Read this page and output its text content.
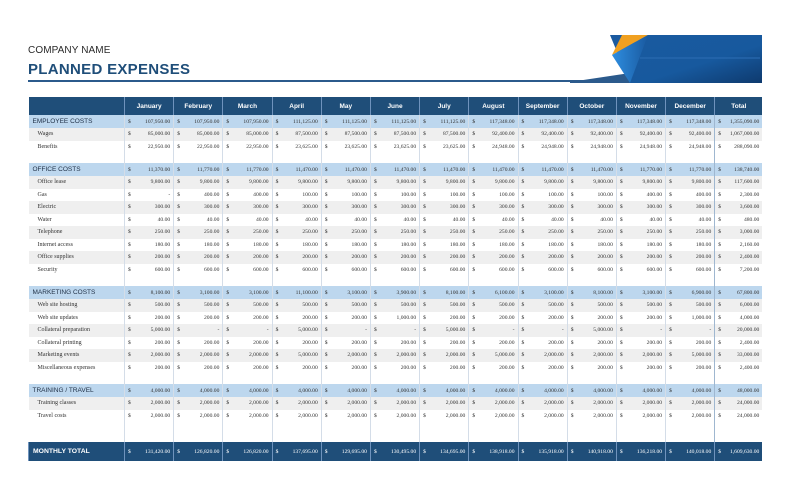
COMPANY NAME
PLANNED EXPENSES
	January	February	March	April	May	June	July	August	September	October	November	December	Total
EMPLOYEE COSTS	$ 107,950.00	$ 107,950.00	$ 107,950.00	$ 111,125.00	$ 111,125.00	$ 111,125.00	$ 111,125.00	$ 117,348.00	$ 117,348.00	$ 117,348.00	$ 117,348.00	$ 117,348.00	$ 1,355,090.00

Wages	$ 85,000.00	$ 85,000.00	$ 85,000.00	$ 87,500.00	$ 87,500.00	$ 87,500.00	$ 87,500.00	$ 92,400.00	$ 92,400.00	$ 92,400.00	$ 92,400.00	$ 92,400.00	$ 1,067,000.00

Benefits	$ 22,950.00	$ 22,950.00	$ 22,950.00	$ 23,625.00	$ 23,625.00	$ 23,625.00	$ 23,625.00	$ 24,948.00	$ 24,948.00	$ 24,948.00	$ 24,948.00	$ 24,948.00	$ 288,090.00

OFFICE COSTS	$ 11,370.00	$ 11,770.00	$ 11,770.00	$ 11,470.00	$ 11,470.00	$ 11,470.00	$ 11,470.00	$ 11,470.00	$ 11,470.00	$ 11,470.00	$ 11,770.00	$ 11,770.00	$ 138,740.00

Office lease	$ 9,800.00	$ 9,800.00	$ 9,800.00	$ 9,800.00	$ 9,800.00	$ 9,800.00	$ 9,800.00	$ 9,800.00	$ 9,800.00	$ 9,800.00	$ 9,800.00	$ 9,800.00	$ 117,600.00

Gas	$ -	$ 400.00	$ 400.00	$ 100.00	$ 100.00	$ 100.00	$ 100.00	$ 100.00	$ 100.00	$ 100.00	$ 400.00	$ 400.00	$ 2,300.00

Electric	$ 300.00	$ 300.00	$ 300.00	$ 300.00	$ 300.00	$ 300.00	$ 300.00	$ 300.00	$ 300.00	$ 300.00	$ 300.00	$ 300.00	$ 3,600.00

Water	$ 40.00	$ 40.00	$ 40.00	$ 40.00	$ 40.00	$ 40.00	$ 40.00	$ 40.00	$ 40.00	$ 40.00	$ 40.00	$ 40.00	$ 480.00

Telephone	$ 250.00	$ 250.00	$ 250.00	$ 250.00	$ 250.00	$ 250.00	$ 250.00	$ 250.00	$ 250.00	$ 250.00	$ 250.00	$ 250.00	$ 3,000.00

Internet access	$ 180.00	$ 180.00	$ 180.00	$ 180.00	$ 180.00	$ 180.00	$ 180.00	$ 180.00	$ 180.00	$ 180.00	$ 180.00	$ 180.00	$ 2,160.00

Office supplies	$ 200.00	$ 200.00	$ 200.00	$ 200.00	$ 200.00	$ 200.00	$ 200.00	$ 200.00	$ 200.00	$ 200.00	$ 200.00	$ 200.00	$ 2,400.00

Security	$ 600.00	$ 600.00	$ 600.00	$ 600.00	$ 600.00	$ 600.00	$ 600.00	$ 600.00	$ 600.00	$ 600.00	$ 600.00	$ 600.00	$ 7,200.00

MARKETING COSTS	$ 8,100.00	$ 3,100.00	$ 3,100.00	$ 11,100.00	$ 3,100.00	$ 3,900.00	$ 8,100.00	$ 6,100.00	$ 3,100.00	$ 8,100.00	$ 3,100.00	$ 6,900.00	$ 67,800.00

Web site hosting	$ 500.00	$ 500.00	$ 500.00	$ 500.00	$ 500.00	$ 500.00	$ 500.00	$ 500.00	$ 500.00	$ 500.00	$ 500.00	$ 500.00	$ 6,000.00

Web site updates	$ 200.00	$ 200.00	$ 200.00	$ 200.00	$ 200.00	$ 1,000.00	$ 200.00	$ 200.00	$ 200.00	$ 200.00	$ 200.00	$ 1,000.00	$ 4,000.00

Collateral preparation	$ 5,000.00	$ -	$ -	$ 5,000.00	$ -	$ -	$ 5,000.00	$ -	$ -	$ 5,000.00	$ -	$ -	$ 20,000.00

Collateral printing	$ 200.00	$ 200.00	$ 200.00	$ 200.00	$ 200.00	$ 200.00	$ 200.00	$ 200.00	$ 200.00	$ 200.00	$ 200.00	$ 200.00	$ 2,400.00

Marketing events	$ 2,000.00	$ 2,000.00	$ 2,000.00	$ 5,000.00	$ 2,000.00	$ 2,000.00	$ 2,000.00	$ 5,000.00	$ 2,000.00	$ 2,000.00	$ 2,000.00	$ 5,000.00	$ 33,000.00

Miscellaneous expenses	$ 200.00	$ 200.00	$ 200.00	$ 200.00	$ 200.00	$ 200.00	$ 200.00	$ 200.00	$ 200.00	$ 200.00	$ 200.00	$ 200.00	$ 2,400.00

TRAINING / TRAVEL	$ 4,000.00	$ 4,000.00	$ 4,000.00	$ 4,000.00	$ 4,000.00	$ 4,000.00	$ 4,000.00	$ 4,000.00	$ 4,000.00	$ 4,000.00	$ 4,000.00	$ 4,000.00	$ 48,000.00

Training classes	$ 2,000.00	$ 2,000.00	$ 2,000.00	$ 2,000.00	$ 2,000.00	$ 2,000.00	$ 2,000.00	$ 2,000.00	$ 2,000.00	$ 2,000.00	$ 2,000.00	$ 2,000.00	$ 24,000.00

Travel costs	$ 2,000.00	$ 2,000.00	$ 2,000.00	$ 2,000.00	$ 2,000.00	$ 2,000.00	$ 2,000.00	$ 2,000.00	$ 2,000.00	$ 2,000.00	$ 2,000.00	$ 2,000.00	$ 24,000.00

MONTHLY TOTAL	$ 131,420.00	$ 126,820.00	$ 126,820.00	$ 137,695.00	$ 129,695.00	$ 130,495.00	$ 134,695.00	$ 138,918.00	$ 135,918.00	$ 140,918.00	$ 136,218.00	$ 140,018.00	$ 1,609,630.00
